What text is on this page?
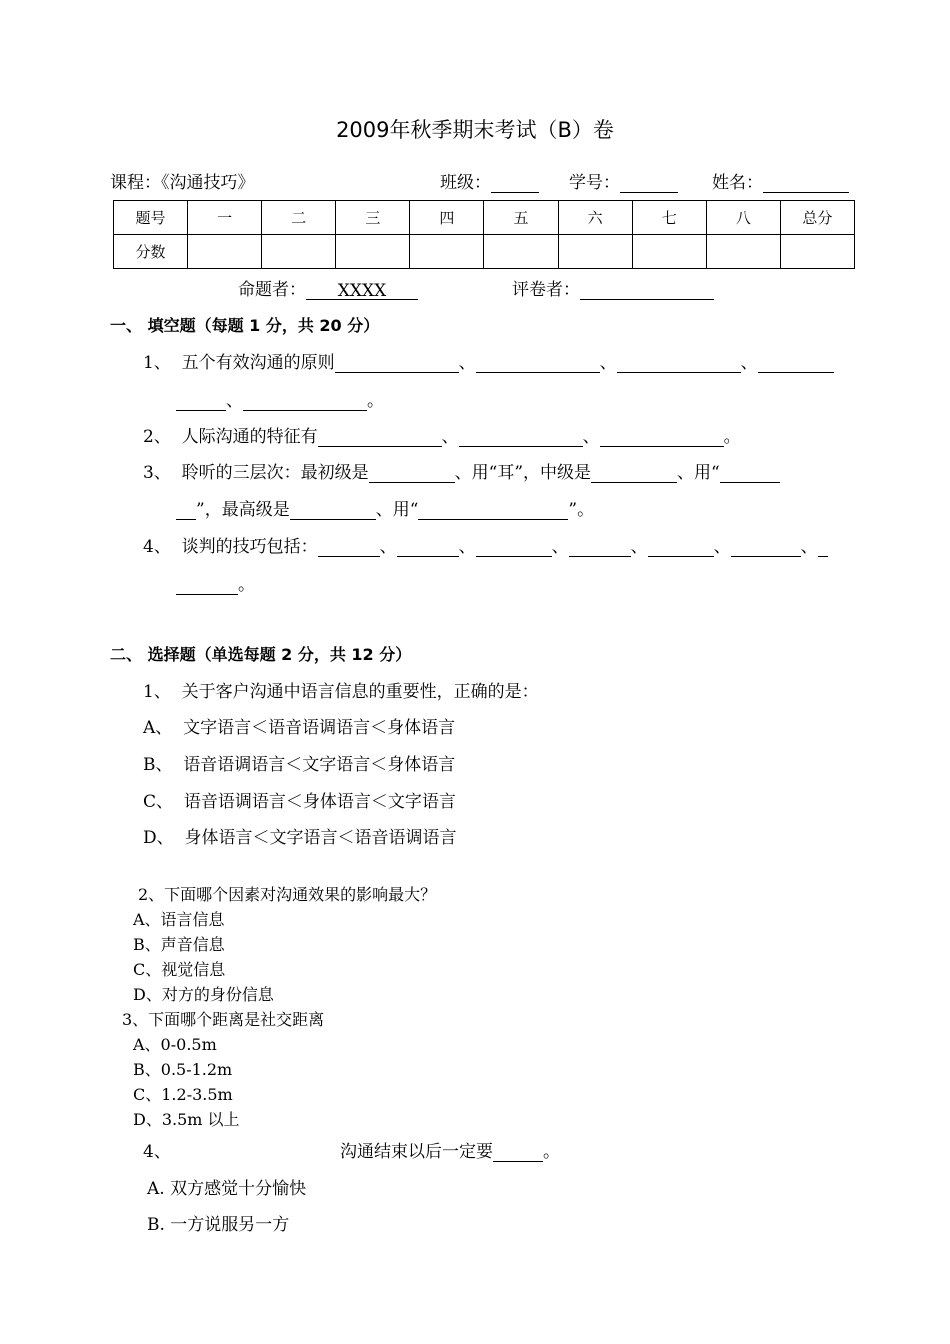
2009年秋季期末考试（B）卷
课程：《沟通技巧》	班级：	学号：	姓名：
题号	一	二	三	四	五	六	七	八	总分
分数									
命题者： XXXX	评卷者：
一、 填空题（每题 1 分，共 20 分）
1、 五个有效沟通的原则	、	、	、
、	。
2、 人际沟通的特征有	、	、	。
3、 聆听的三层次：最初级是	、用“耳”，中级是	、用“
”，最高级是	、用“	”。
4、 谈判的技巧包括：	、	、	、	、	、	、
。
二、 选择题（单选每题 2 分，共 12 分）
1、 关于客户沟通中语言信息的重要性，正确的是：
A、 文字语言＜语音语调语言＜身体语言
B、 语音语调语言＜文字语言＜身体语言
C、 语音语调语言＜身体语言＜文字语言
D、 身体语言＜文字语言＜语音语调语言
2、下面哪个因素对沟通效果的影响最大？
A、语言信息
B、声音信息
C、视觉信息
D、对方的身份信息
3、下面哪个距离是社交距离
A、0-0.5m
B、0.5-1.2m
C、1.2-3.5m
D、3.5m 以上
4、	沟通结束以后一定要	。
A. 双方感觉十分愉快
B. 一方说服另一方
